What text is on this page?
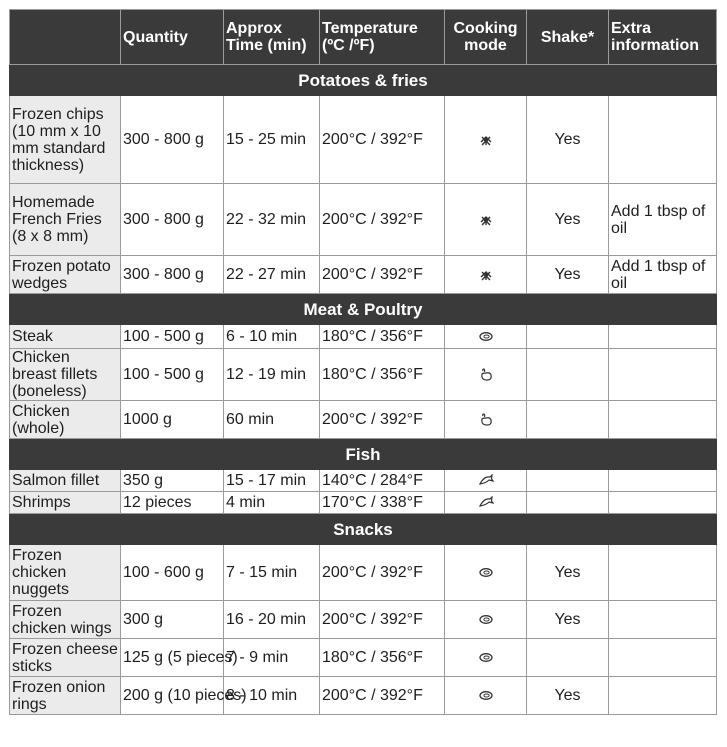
	Quantity	Approx Time (min)	Temperature (ºC /ºF)	Cooking mode	Shake*	Extra information
Potatoes & fries						
Frozen chips (10 mm x 10 mm standard thickness)	300 - 800 g	15 - 25 min	200°C / 392°F		Yes	
Homemade French Fries (8 x 8 mm)	300 - 800 g	22 - 32 min	200°C / 392°F		Yes	Add 1 tbsp of oil
Frozen potato wedges	300 - 800 g	22 - 27 min	200°C / 392°F		Yes	Add 1 tbsp of oil
Meat & Poultry						
Steak	100 - 500 g	6 - 10 min	180°C / 356°F	

Chicken breast fillets (boneless)	100 - 500 g	12 - 19 min	180°C / 356°F	

Chicken (whole)	1000 g	60 min	200°C / 392°F	

Fish						
Salmon fillet	350 g	15 - 17 min	140°C / 284°F	

Shrimps	12 pieces	4 min	170°C / 338°F	

Snacks						
Frozen chicken nuggets	100 - 600 g	7 - 15 min	200°C / 392°F		Yes	
Frozen chicken wings	300 g	16 - 20 min	200°C / 392°F		Yes	
Frozen cheese sticks	125 g (5 pieces)	7 - 9 min	180°C / 356°F	

Frozen onion rings	200 g (10 pieces)	8 - 10 min	200°C / 392°F		Yes	
